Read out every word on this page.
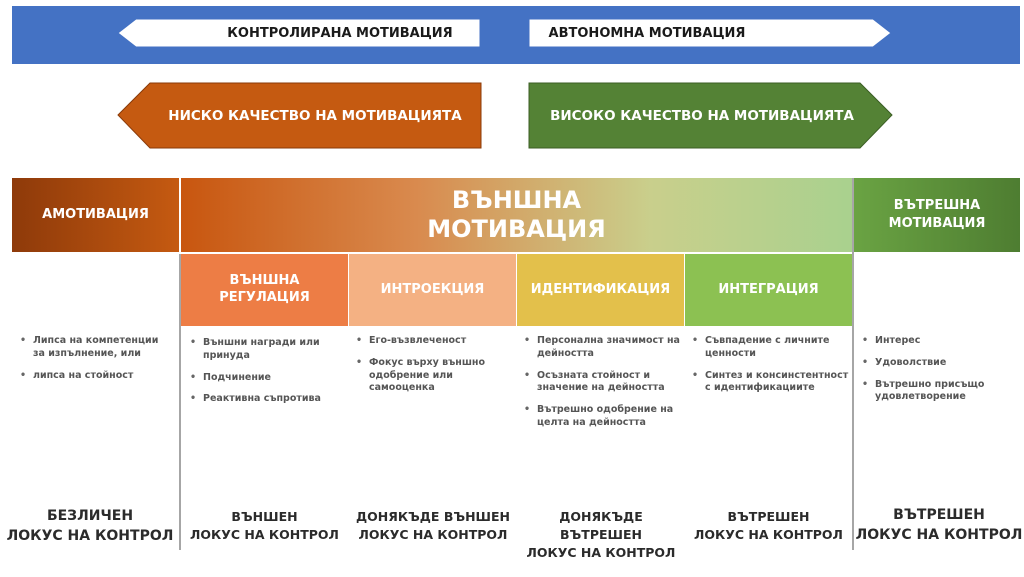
КОНТРОЛИРАНА МОТИВАЦИЯ	АВТОНОМНА МОТИВАЦИЯ
НИСКО КАЧЕСТВО НА МОТИВАЦИЯТА	ВИСОКО КАЧЕСТВО НА МОТИВАЦИЯТА
АМОТИВАЦИЯ
ВЪНШНА
МОТИВАЦИЯ
ВЪТРЕШНА
МОТИВАЦИЯ
ВЪНШНА
РЕГУЛАЦИЯ
ИНТРОЕКЦИЯ	ИДЕНТИФИКАЦИЯ	ИНТЕГРАЦИЯ
• Липса на компетенции за изпълнение, или
• липса на стойност
• Външни награди или принуда
• Подчинение
• Реактивна съпротива
• Его-възвлеченост
• Фокус върху външно одобрение или самооценка
• Персонална значимост на дейността
• Осъзната стойност и значение на дейността
• Вътрешно одобрение на целта на дейността
• Съвпадение с личните ценности
• Синтез и консинстентност с идентификациите
• Интерес
• Удоволствие
• Вътрешно присъщо удовлетворение
БЕЗЛИЧЕН
ЛОКУС НА КОНТРОЛ
ВЪНШЕН
ЛОКУС НА КОНТРОЛ
ДОНЯКЪДЕ ВЪНШЕН
ЛОКУС НА КОНТРОЛ
ДОНЯКЪДЕ ВЪТРЕШЕН
ЛОКУС НА КОНТРОЛ
ВЪТРЕШЕН
ЛОКУС НА КОНТРОЛ
ВЪТРЕШЕН
ЛОКУС НА КОНТРОЛ
